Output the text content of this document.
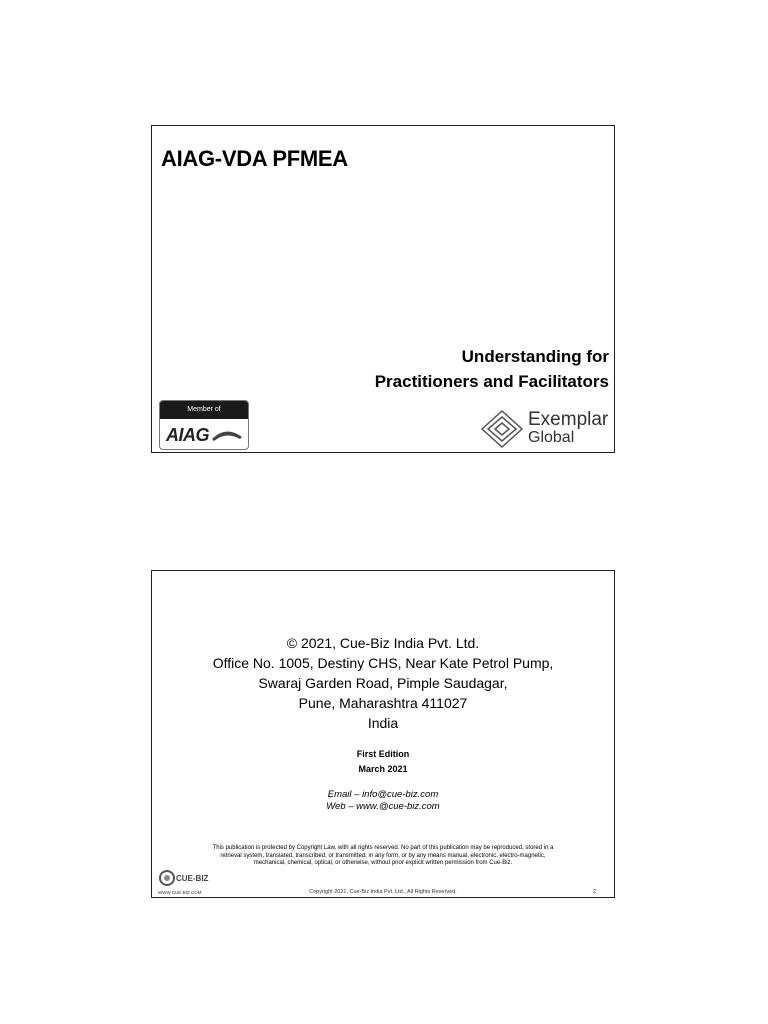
AIAG-VDA PFMEA
Understanding for
Practitioners and Facilitators
Member of
AIAG
Exemplar
Global
© 2021, Cue-Biz India Pvt. Ltd.
Office No. 1005, Destiny CHS, Near Kate Petrol Pump,
Swaraj Garden Road, Pimple Saudagar,
Pune, Maharashtra 411027
India
First Edition
March 2021
Email – info@cue-biz.com
Web – www.@cue-biz.com
This publication is protected by Copyright Law, with all rights reserved. No part of this publication may be reproduced, stored in a
retrieval system, translated, transcribed, or transmitted, in any form, or by any means manual, electronic, electro-magnetic,
mechanical, chemical, optical, or otherwise, without prior explicit written permission from Cue-Biz.
CUE-BIZ
WWW.CUE-BIZ.COM	Copyright 2021, Cue-Biz India Pvt. Ltd., All Rights Reserved.	2
